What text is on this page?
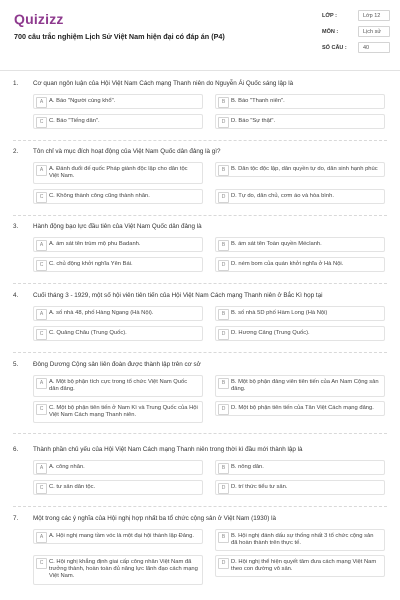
Quizizz
700 câu trắc nghiệm Lịch Sử Việt Nam hiện đại có đáp án (P4)
LỚP :	Lớp 12
MÔN :	Lịch sử
SỐ CÂU :	40
1. Cơ quan ngôn luận của Hội Việt Nam Cách mạng Thanh niên do Nguyễn Ái Quốc sáng lập là
A	A. Báo "Người cùng khổ".	B	B. Báo "Thanh niên".
C C. Báo "Tiếng dân".	D D. Báo "Sự thật".
2. Tôn chỉ và mục đích hoạt động của Việt Nam Quốc dân đảng là gì?
A	A. Đánh đuổi đế quốc Pháp giành độc lập cho dân tộc Việt Nam.
B	B. Dân tộc độc lập, dân quyền tự do, dân sinh hạnh phúc
C C. Không thành công cũng thành nhân.	D D. Tự do, dân chủ, cơm áo và hòa bình.
3. Hành động bạo lực đầu tiên của Việt Nam Quốc dân đảng là
A	A. ám sát tên trùm mộ phu Badanh.	B	B. ám sát tên Toàn quyền Méclanh.
C C. chủ động khởi nghĩa Yên Bái.	D D. ném bom của quán khởi nghĩa ở Hà Nội.
4. Cuối tháng 3 - 1929, một số hội viên tiên tiến của Hội Việt Nam Cách mạng Thanh niên ở Bắc Kì họp tại
A	A. số nhà 48, phố Hàng Ngang (Hà Nội).	B	B. số nhà 5D phố Hàm Long (Hà Nội)
C C. Quảng Châu (Trung Quốc).	D D. Hương Cảng (Trung Quốc).
5. Đông Dương Cộng sản liên đoàn được thành lập trên cơ sở
A	A. Một bộ phận tích cực trong tổ chức Việt Nam Quốc dân đảng.
B	B. Một bộ phận đảng viên tiên tiến của An Nam Cộng sản đảng.
C C. Một bộ phận tiên tiến ở Nam Kì và Trung Quốc của Hội Việt Nam Cách mạng Thanh niên.
D D. Một bộ phận tiên tiến của Tân Việt Cách mạng đảng.
6. Thành phần chủ yếu của Hội Việt Nam Cách mạng Thanh niên trong thời kì đầu mới thành lập là
A	A. công nhân.	B	B. nông dân.
C C. tư sản dân tộc.	D D. trí thức tiểu tư sản.
7. Một trong các ý nghĩa của Hội nghị hợp nhất ba tổ chức cộng sản ở Việt Nam (1930) là
A	A. Hội nghị mang tầm vóc là một đại hội thành lập Đảng.	B	B. Hội nghị đánh dấu sự thống nhất 3 tổ chức cộng sản đã hoàn thành trên thực tế.
C C. Hội nghị khẳng định giai cấp công nhân Việt Nam đã trưởng thành, hoàn toàn đủ năng lực lãnh đạo cách mạng Việt Nam.
D D. Hội nghị thể hiện quyết tâm đưa cách mạng Việt Nam theo con đường vô sản.
